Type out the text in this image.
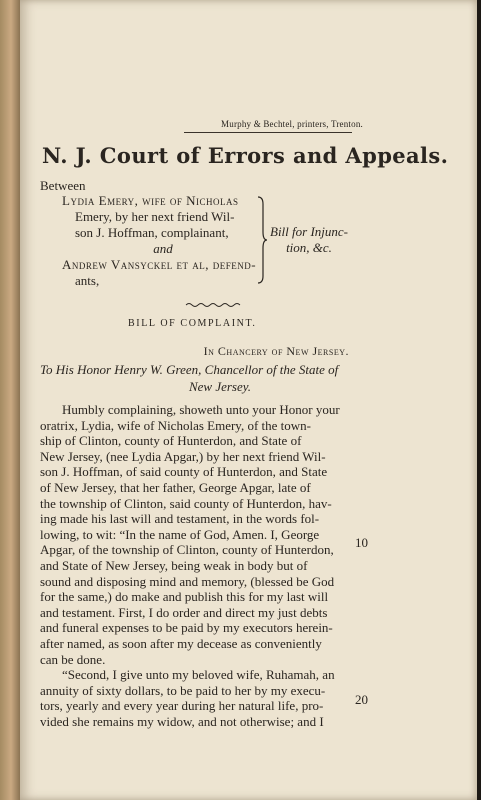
Murphy & Bechtel, printers, Trenton.
N. J. Court of Errors and Appeals.
Between
Lydia Emery, wife of Nicholas
Emery, by her next friend Wil-
son J. Hoffman, complainant,
and
Andrew Vansyckel et al, defend-
ants,
Bill for Injunc-
tion, &c.
BILL OF COMPLAINT.
In Chancery of New Jersey.
To His Honor Henry W. Green, Chancellor of the State of
New Jersey.
Humbly complaining, showeth unto your Honor your
oratrix, Lydia, wife of Nicholas Emery, of the town-
ship of Clinton, county of Hunterdon, and State of
New Jersey, (nee Lydia Apgar,) by her next friend Wil-
son J. Hoffman, of said county of Hunterdon, and State
of New Jersey, that her father, George Apgar, late of
the township of Clinton, said county of Hunterdon, hav-
ing made his last will and testament, in the words fol-
lowing, to wit: “In the name of God, Amen. I, George
Apgar, of the township of Clinton, county of Hunterdon,
and State of New Jersey, being weak in body but of
sound and disposing mind and memory, (blessed be God
for the same,) do make and publish this for my last will
and testament. First, I do order and direct my just debts
and funeral expenses to be paid by my executors herein-
after named, as soon after my decease as conveniently
can be done.
“Second, I give unto my beloved wife, Ruhamah, an
annuity of sixty dollars, to be paid to her by my execu-
tors, yearly and every year during her natural life, pro-
vided she remains my widow, and not otherwise; and I
10
20
